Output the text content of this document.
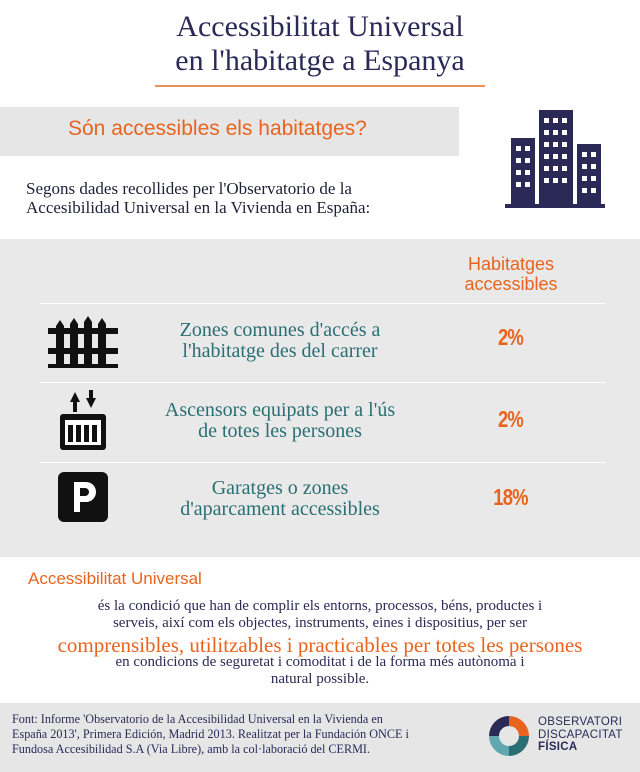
Accessibilitat Universal
en l'habitatge a Espanya
Són accessibles els habitatges?
Segons dades recollides per l'Observatorio de la
Accesibilidad Universal en la Vivienda en España:
Habitatges
accessibles
Zones comunes d'accés a
l'habitatge des del carrer
2%
Ascensors equipats per a l'ús
de totes les persones	2%
Garatges o zones
d'aparcament accessibles	18%
Accessibilitat Universal
és la condició que han de complir els entorns, processos, béns, productes i
serveis, així com els objectes, instruments, eines i dispositius, per ser
comprensibles, utilitzables i practicables per totes les persones
en condicions de seguretat i comoditat i de la forma més autònoma i
natural possible.
Font: Informe 'Observatorio de la Accesibilidad Universal en la Vivienda en
España 2013', Primera Edición, Madrid 2013. Realitzat per la Fundación ONCE i
Fundosa Accesibilidad S.A (Via Libre), amb la col·laboració del CERMI.
OBSERVATORI
DISCAPACITAT
FÍSICA
